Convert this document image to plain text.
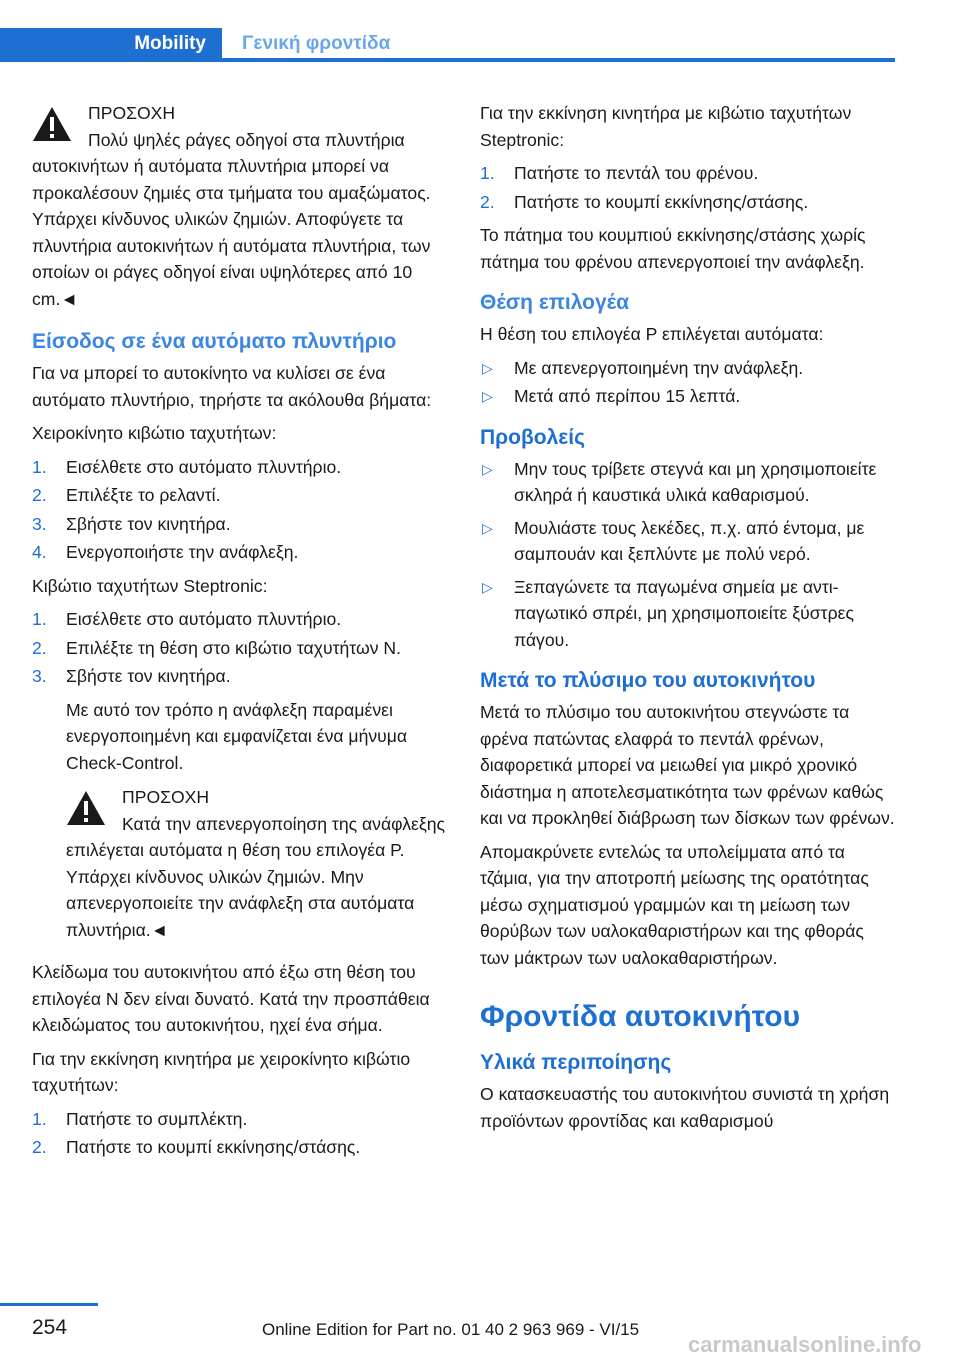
Mobility	Γενική φροντίδα
ΠΡΟΣΟΧΗ

Πολύ ψηλές ράγες οδηγοί στα πλυντήρια αυτοκινήτων ή αυτόματα πλυντήρια μπορεί να προκαλέσουν ζημιές στα τμήματα του αμαξώματος. Υπάρχει κίνδυνος υλικών ζημιών. Αποφύγετε τα πλυντήρια αυτοκινήτων ή αυτόματα πλυντήρια, των οποίων οι ράγες οδηγοί είναι υψηλότερες από 10 cm.◄

Είσοδος σε ένα αυτόματο πλυντήριο

Για να μπορεί το αυτοκίνητο να κυλίσει σε ένα αυτόματο πλυντήριο, τηρήστε τα ακόλουθα βήματα:

Χειροκίνητο κιβώτιο ταχυτήτων:

1. Εισέλθετε στο αυτόματο πλυντήριο.
2. Επιλέξτε το ρελαντί.
3. Σβήστε τον κινητήρα.
4. Ενεργοποιήστε την ανάφλεξη.

Κιβώτιο ταχυτήτων Steptronic:

1. Εισέλθετε στο αυτόματο πλυντήριο.
2. Επιλέξτε τη θέση στο κιβώτιο ταχυτήτων N.
3. Σβήστε τον κινητήρα.

Με αυτό τον τρόπο η ανάφλεξη παραμένει ενεργοποιημένη και εμφανίζεται ένα μήνυμα Check-Control.

ΠΡΟΣΟΧΗ

Κατά την απενεργοποίηση της ανάφλεξης επιλέγεται αυτόματα η θέση του επιλογέα P. Υπάρχει κίνδυνος υλικών ζημιών. Μην απενεργοποιείτε την ανάφλεξη στα αυτόματα πλυντήρια.◄

Κλείδωμα του αυτοκινήτου από έξω στη θέση του επιλογέα N δεν είναι δυνατό. Κατά την προσπάθεια κλειδώματος του αυτοκινήτου, ηχεί ένα σήμα.

Για την εκκίνηση κινητήρα με χειροκίνητο κιβώτιο ταχυτήτων:

1. Πατήστε το συμπλέκτη.
2. Πατήστε το κουμπί εκκίνησης/στάσης.

Για την εκκίνηση κινητήρα με κιβώτιο ταχυτήτων Steptronic:

1. Πατήστε το πεντάλ του φρένου.
2. Πατήστε το κουμπί εκκίνησης/στάσης.

Το πάτημα του κουμπιού εκκίνησης/στάσης χωρίς πάτημα του φρένου απενεργοποιεί την ανάφλεξη.

Θέση επιλογέα

Η θέση του επιλογέα P επιλέγεται αυτόματα:

▷ Με απενεργοποιημένη την ανάφλεξη.
▷ Μετά από περίπου 15 λεπτά.
Προβολείς
▷ Μην τους τρίβετε στεγνά και μη χρησιμοποιείτε σκληρά ή καυστικά υλικά καθαρισμού.
▷ Μουλιάστε τους λεκέδες, π.χ. από έντομα, με σαμπουάν και ξεπλύντε με πολύ νερό.
▷ Ξεπαγώνετε τα παγωμένα σημεία με αντιπαγωτικό σπρέι, μη χρησιμοποιείτε ξύστρες πάγου.
Μετά το πλύσιμο του αυτοκινήτου

Μετά το πλύσιμο του αυτοκινήτου στεγνώστε τα φρένα πατώντας ελαφρά το πεντάλ φρένων, διαφορετικά μπορεί να μειωθεί για μικρό χρονικό διάστημα η αποτελεσματικότητα των φρένων καθώς και να προκληθεί διάβρωση των δίσκων των φρένων.

Απομακρύνετε εντελώς τα υπολείμματα από τα τζάμια, για την αποτροπή μείωσης της ορατότητας μέσω σχηματισμού γραμμών και τη μείωση των θορύβων των υαλοκαθαριστήρων και της φθοράς των μάκτρων των υαλοκαθαριστήρων.

Φροντίδα αυτοκινήτου
Υλικά περιποίησης

Ο κατασκευαστής του αυτοκινήτου συνιστά τη χρήση προϊόντων φροντίδας και καθαρισμού

254	Online Edition for Part no. 01 40 2 963 969 - VI/15
carmanualsonline.info
